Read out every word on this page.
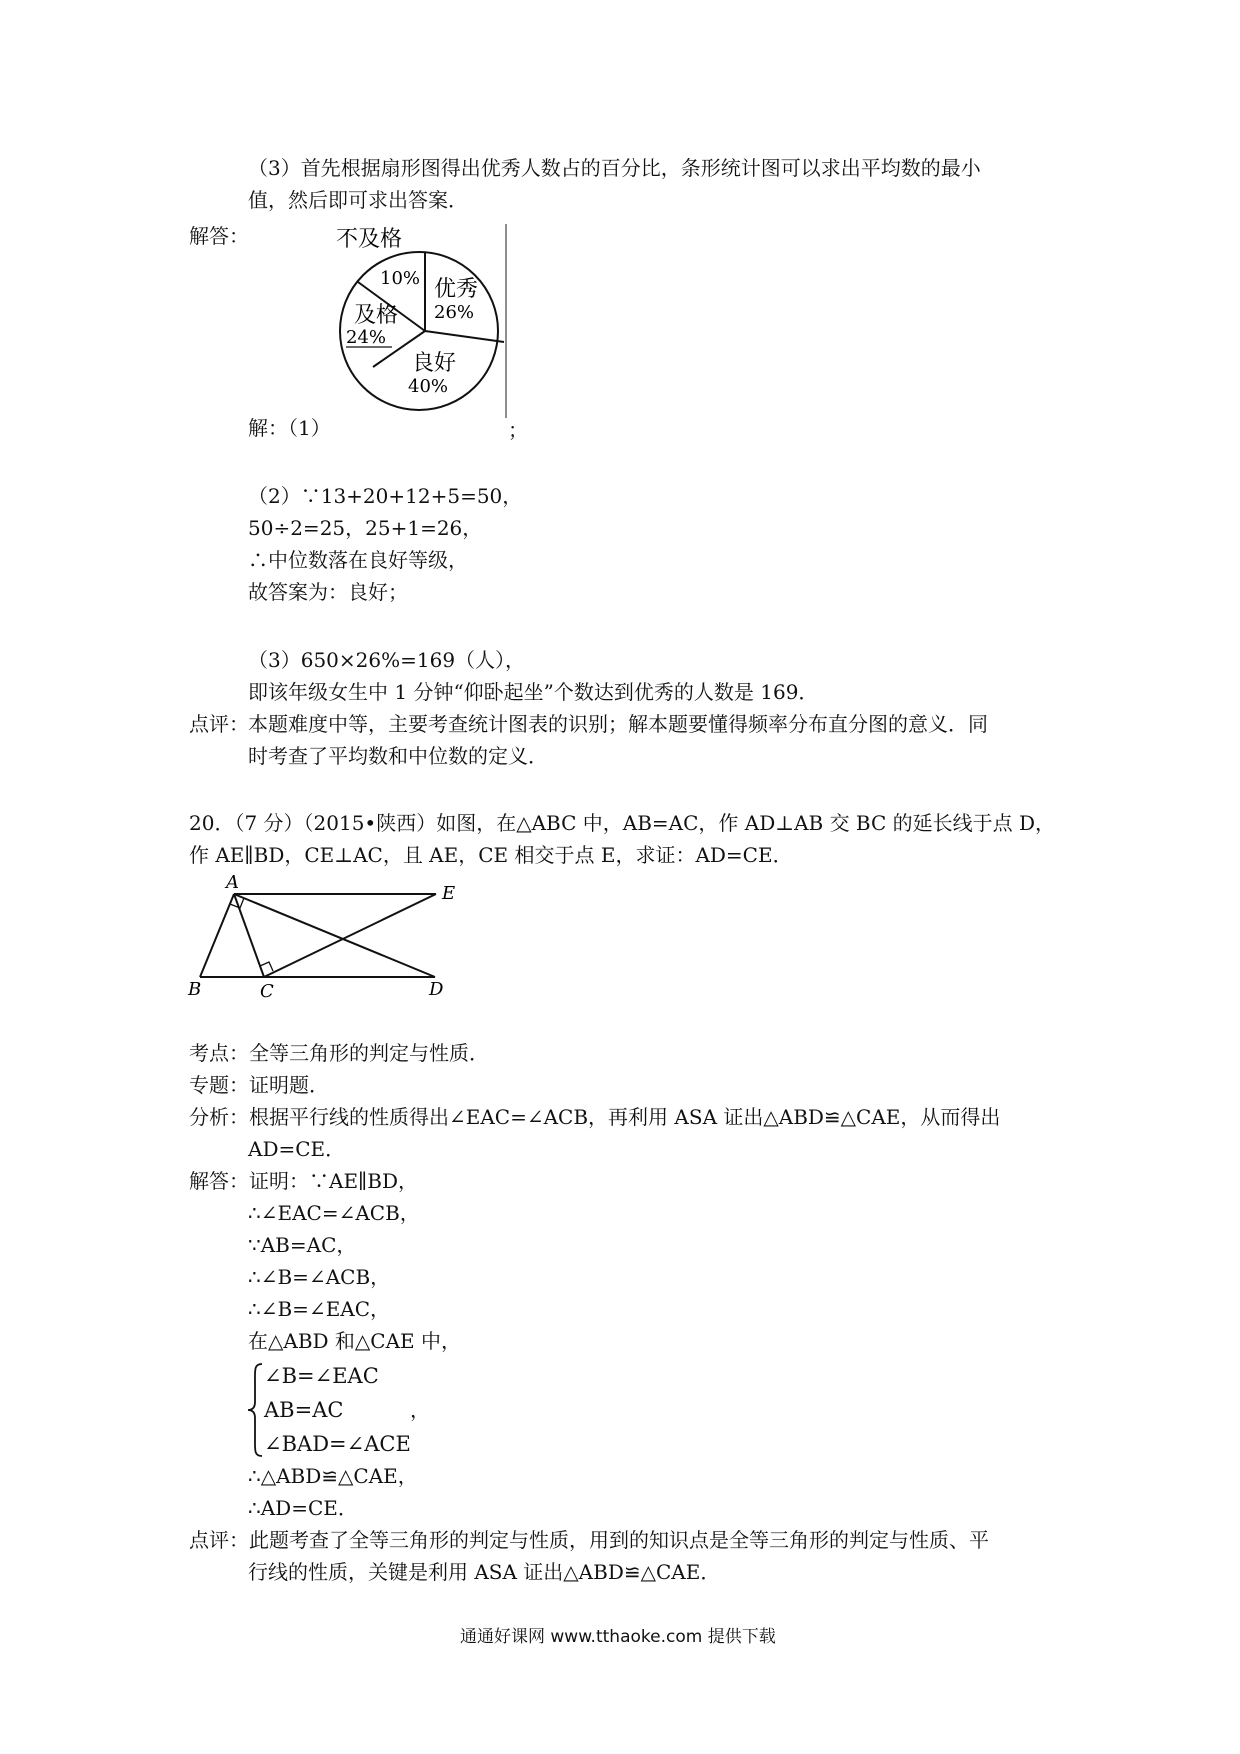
（3）首先根据扇形图得出优秀人数占的百分比，条形统计图可以求出平均数的最小
值，然后即可求出答案．
解答：	不及格
10% 优秀
26%
及格
24%
良好
40%
解：（1）	；
（2）∵13+20+12+5=50，
50÷2=25，25+1=26，
∴中位数落在良好等级，
故答案为：良好；
（3）650×26%=169（人），
即该年级女生中 1 分钟“仰卧起坐”个数达到优秀的人数是 169．
点评： 本题难度中等，主要考查统计图表的识别；解本题要懂得频率分布直分图的意义．同
时考查了平均数和中位数的定义．
20．（7 分）（2015•陕西）如图，在△ABC 中，AB=AC，作 AD⊥AB 交 BC 的延长线于点 D，
作 AE∥BD，CE⊥AC，且 AE，CE 相交于点 E，求证：AD=CE．
A
B	C	D
E
考点：全等三角形的判定与性质．
专题：证明题．
分析：根据平行线的性质得出∠EAC=∠ACB，再利用 ASA 证出△ABD≌△CAE，从而得出
AD=CE．
解答：证明：∵AE∥BD，
∴∠EAC=∠ACB，
∵AB=AC，
∴∠B=∠ACB，
∴∠B=∠EAC，
在△ABD 和△CAE 中，
∠B=∠EAC
AB=AC	，
∠BAD=∠ACE
∴△ABD≌△CAE，
∴AD=CE．
点评：此题考查了全等三角形的判定与性质，用到的知识点是全等三角形的判定与性质、平
行线的性质，关键是利用 ASA 证出△ABD≌△CAE．
通通好课网 www.tthaoke.com 提供下载
